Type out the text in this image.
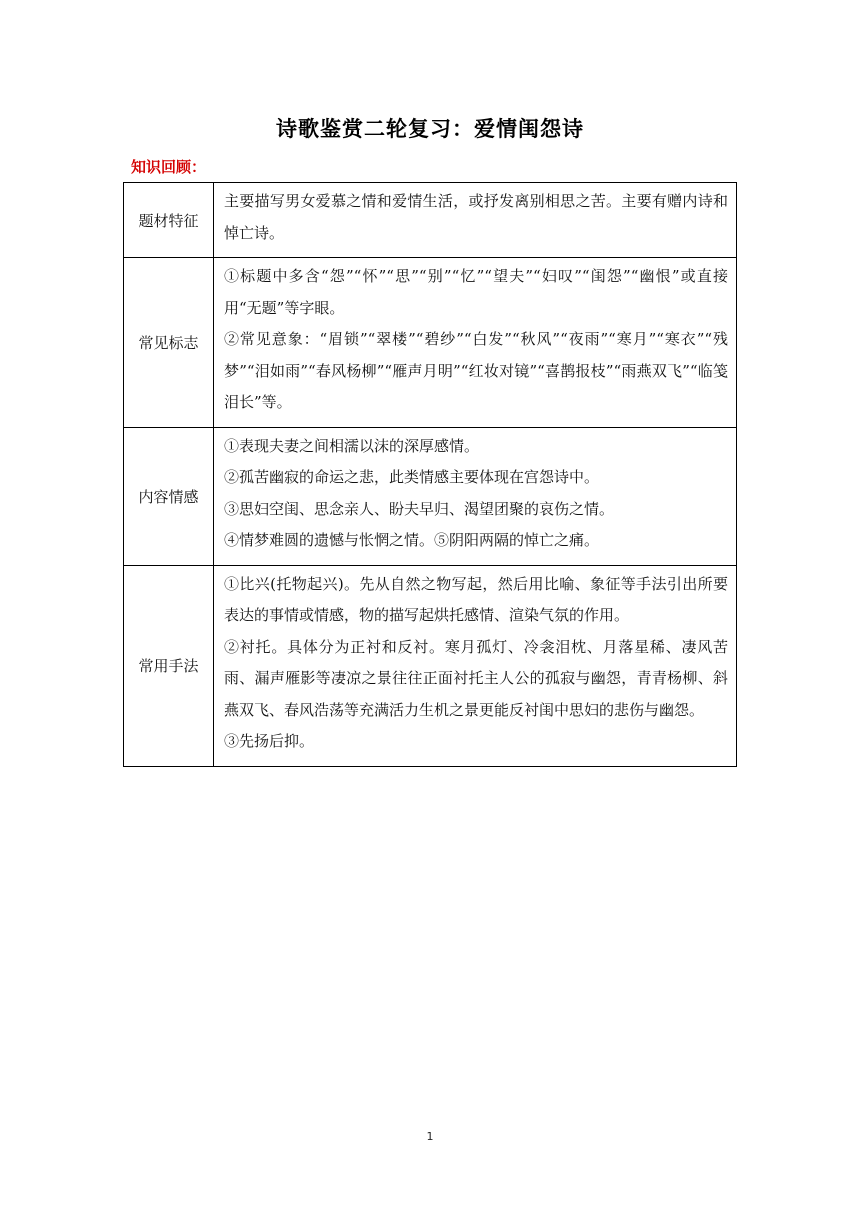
诗歌鉴赏二轮复习：爱情闺怨诗
知识回顾：
题材特征	主要描写男女爱慕之情和爱情生活，或抒发离别相思之苦。主要有赠内诗和悼亡诗。

常见标志	①标题中多含“怨”“怀”“思”“别”“忆”“望夫”“妇叹”“闺怨”“幽恨”或直接用“无题”等字眼。

②常见意象：“眉锁”“翠楼”“碧纱”“白发”“秋风”“夜雨”“寒月”“寒衣”“残梦”“泪如雨”“春风杨柳”“雁声月明”“红妆对镜”“喜鹊报枝”“雨燕双飞”“临笺泪长”等。

内容情感	①表现夫妻之间相濡以沫的深厚感情。

②孤苦幽寂的命运之悲，此类情感主要体现在宫怨诗中。

③思妇空闺、思念亲人、盼夫早归、渴望团聚的哀伤之情。

④情梦难圆的遗憾与怅惘之情。⑤阴阳两隔的悼亡之痛。

常用手法	①比兴(托物起兴)。先从自然之物写起，然后用比喻、象征等手法引出所要表达的事情或情感，物的描写起烘托感情、渲染气氛的作用。

②衬托。具体分为正衬和反衬。寒月孤灯、冷衾泪枕、月落星稀、凄风苦雨、漏声雁影等凄凉之景往往正面衬托主人公的孤寂与幽怨，青青杨柳、斜燕双飞、春风浩荡等充满活力生机之景更能反衬闺中思妇的悲伤与幽怨。

③先扬后抑。

1
